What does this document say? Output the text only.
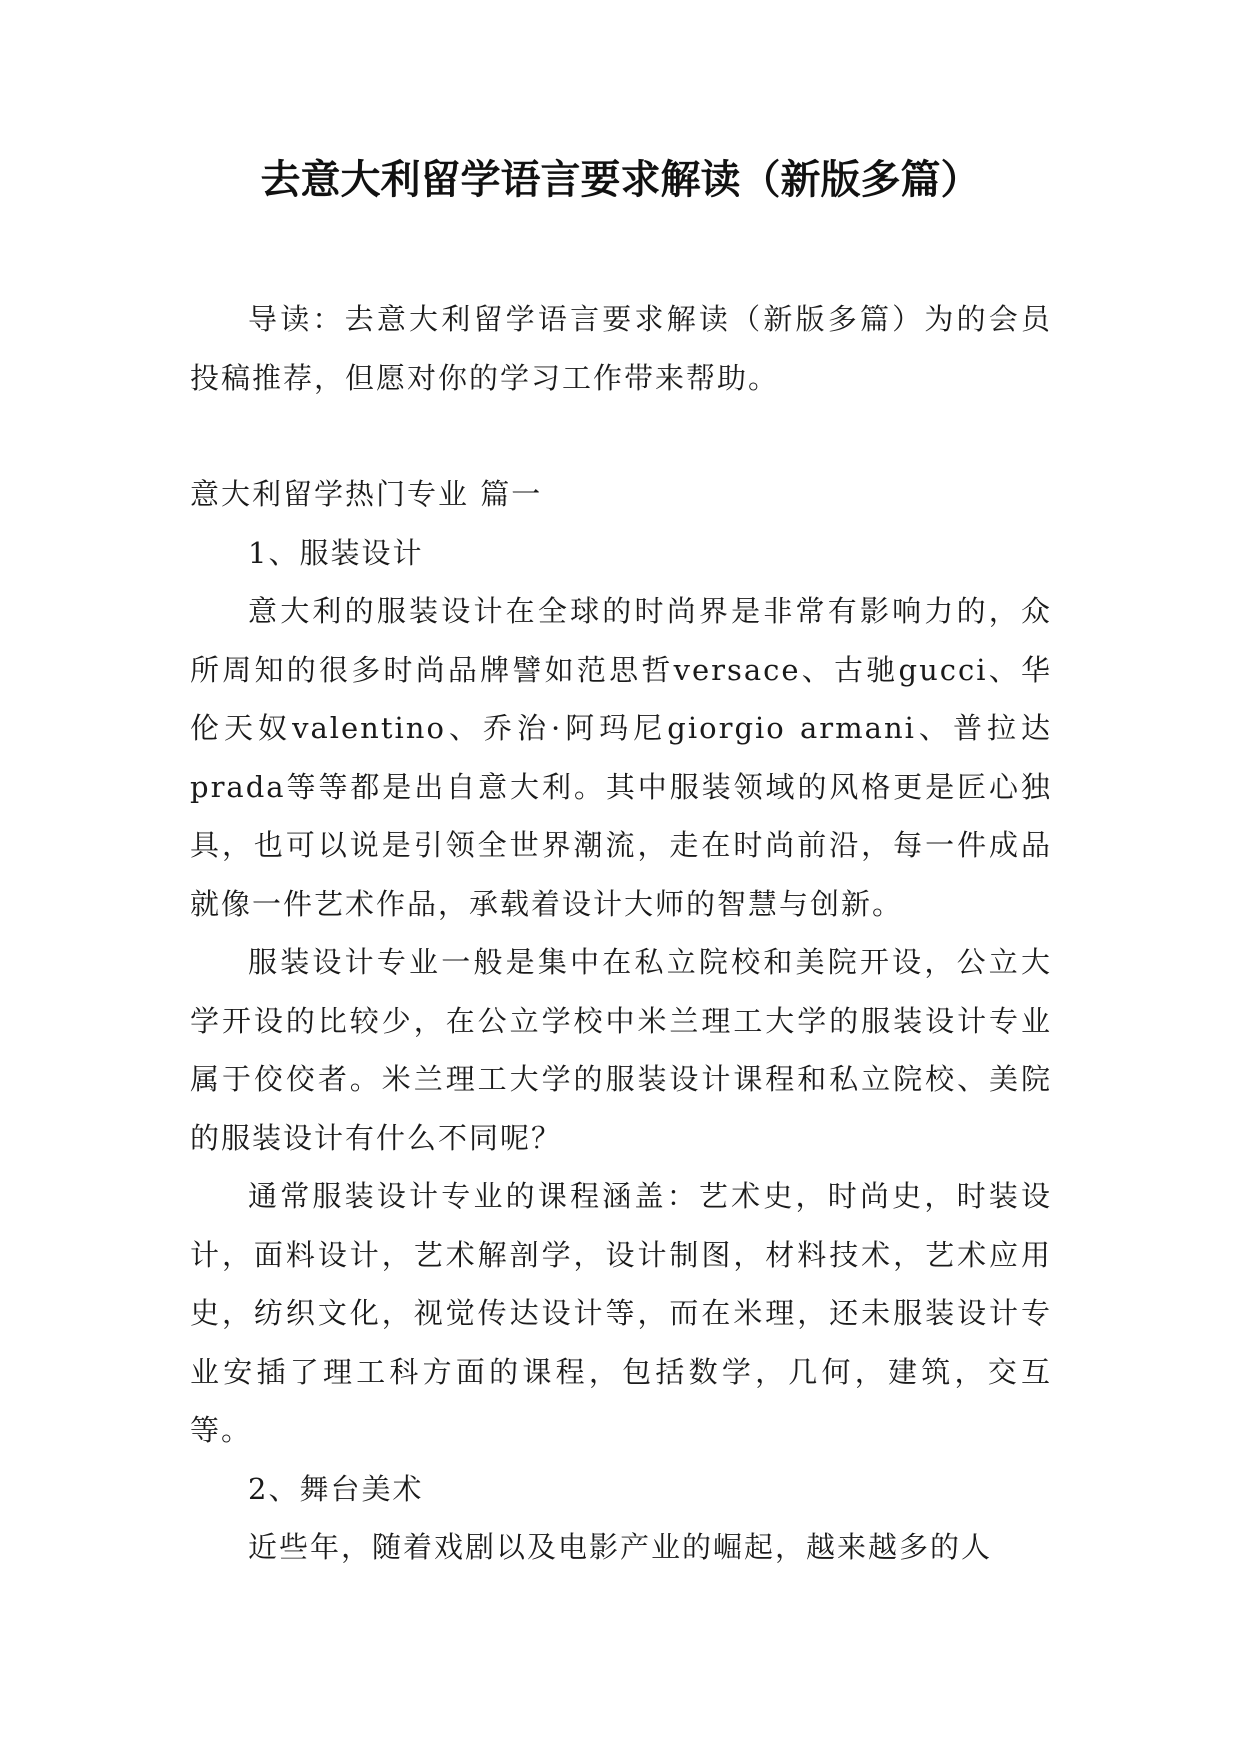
去意大利留学语言要求解读（新版多篇）

导读：去意大利留学语言要求解读（新版多篇）为的会员投稿推荐，但愿对你的学习工作带来帮助。

意大利留学热门专业 篇一

1、服装设计

意大利的服装设计在全球的时尚界是非常有影响力的，众所周知的很多时尚品牌譬如范思哲versace、古驰gucci、华伦天奴valentino、乔治·阿玛尼giorgio armani、普拉达prada等等都是出自意大利。其中服装领域的风格更是匠心独具，也可以说是引领全世界潮流，走在时尚前沿，每一件成品就像一件艺术作品，承载着设计大师的智慧与创新。

服装设计专业一般是集中在私立院校和美院开设，公立大学开设的比较少，在公立学校中米兰理工大学的服装设计专业属于佼佼者。米兰理工大学的服装设计课程和私立院校、美院的服装设计有什么不同呢？

通常服装设计专业的课程涵盖：艺术史，时尚史，时装设计，面料设计，艺术解剖学，设计制图，材料技术，艺术应用史，纺织文化，视觉传达设计等，而在米理，还未服装设计专业安插了理工科方面的课程，包括数学，几何，建筑，交互等。

2、舞台美术

近些年，随着戏剧以及电影产业的崛起，越来越多的人
